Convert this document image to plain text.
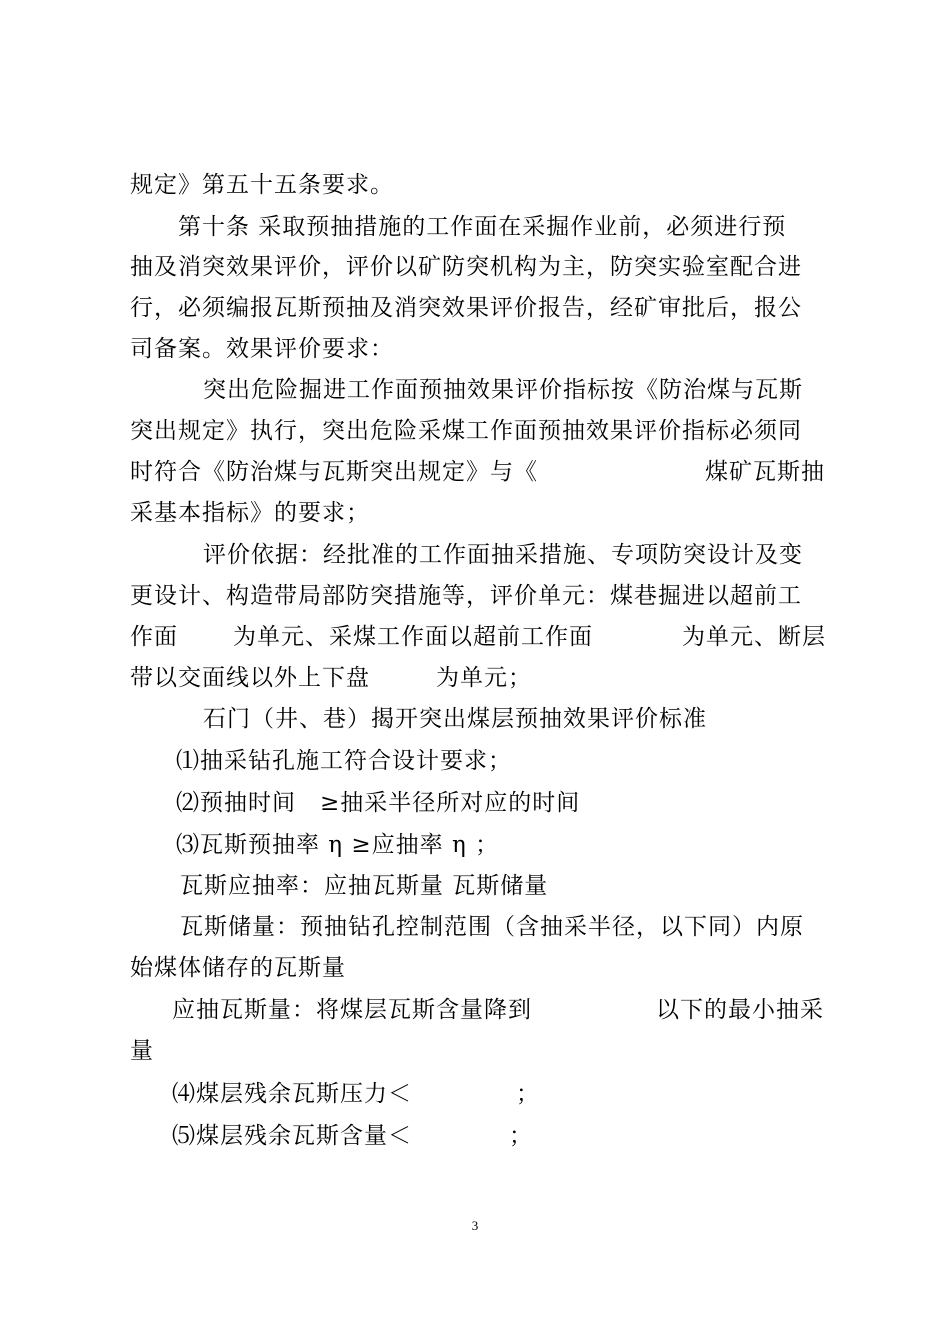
规定》第五十五条要求。
第十条 采取预抽措施的工作面在采掘作业前，必须进行预
抽及消突效果评价，评价以矿防突机构为主，防突实验室配合进
行，必须编报瓦斯预抽及消突效果评价报告，经矿审批后，报公
司备案。效果评价要求：
突出危险掘进工作面预抽效果评价指标按《防治煤与瓦斯
突出规定》执行，突出危险采煤工作面预抽效果评价指标必须同
时符合《防治煤与瓦斯突出规定》与《	煤矿瓦斯抽
采基本指标》的要求；
评价依据：经批准的工作面抽采措施、专项防突设计及变
更设计、构造带局部防突措施等，评价单元：煤巷掘进以超前工
作面 为单元、采煤工作面以超前工作面	为单元、断层
带以交面线以外上下盘	为单元；
石门（井、巷）揭开突出煤层预抽效果评价标准
⑴抽采钻孔施工符合设计要求；
⑵预抽时间　≥抽采半径所对应的时间
⑶瓦斯预抽率 η ≥应抽率 η ；
瓦斯应抽率：应抽瓦斯量 瓦斯储量
瓦斯储量：预抽钻孔控制范围（含抽采半径，以下同）内原
始煤体储存的瓦斯量
应抽瓦斯量：将煤层瓦斯含量降到	以下的最小抽采
量
⑷煤层残余瓦斯压力＜	；
⑸煤层残余瓦斯含量＜	；
3
